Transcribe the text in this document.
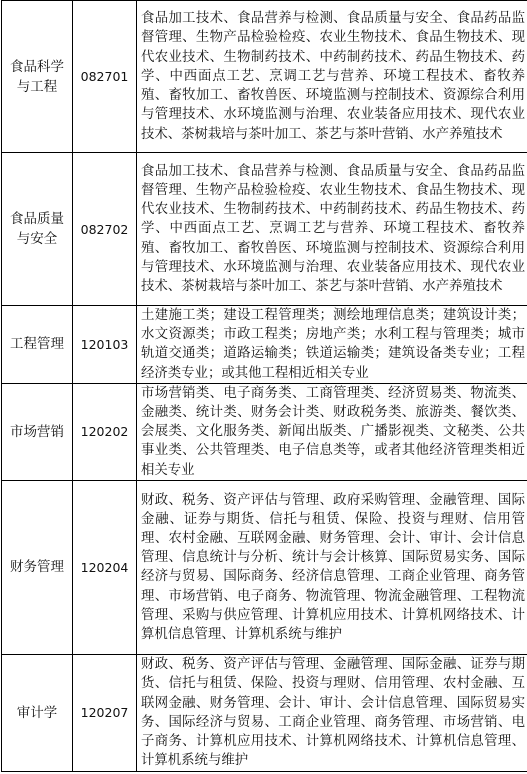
食品科学与工程	082701	食品加工技术、食品营养与检测、食品质量与安全、食品药品监督管理、生物产品检验检疫、农业生物技术、食品生物技术、现代农业技术、生物制药技术、中药制药技术、药品生物技术、药学、中西面点工艺、烹调工艺与营养、环境工程技术、畜牧养殖、畜牧加工、畜牧兽医、环境监测与控制技术、资源综合利用与管理技术、水环境监测与治理、农业装备应用技术、现代农业技术、茶树栽培与茶叶加工、茶艺与茶叶营销、水产养殖技术
食品质量与安全	082702	食品加工技术、食品营养与检测、食品质量与安全、食品药品监督管理、生物产品检验检疫、农业生物技术、食品生物技术、现代农业技术、生物制药技术、中药制药技术、药品生物技术、药学、中西面点工艺、烹调工艺与营养、环境工程技术、畜牧养殖、畜牧加工、畜牧兽医、环境监测与控制技术、资源综合利用与管理技术、水环境监测与治理、农业装备应用技术、现代农业技术、茶树栽培与茶叶加工、茶艺与茶叶营销、水产养殖技术
工程管理	120103	土建施工类；建设工程管理类；测绘地理信息类；建筑设计类；水文资源类；市政工程类；房地产类；水利工程与管理类；城市轨道交通类；道路运输类；铁道运输类；建筑设备类专业；工程经济类专业；或其他工程相近相关专业
市场营销	120202	市场营销类、电子商务类、工商管理类、经济贸易类、物流类、金融类、统计类、财务会计类、财政税务类、旅游类、餐饮类、会展类、文化服务类、新闻出版类、广播影视类、文秘类、公共事业类、公共管理类、电子信息类等，或者其他经济管理类相近相关专业
财务管理	120204	财政、税务、资产评估与管理、政府采购管理、金融管理、国际金融、证券与期货、信托与租赁、保险、投资与理财、信用管理、农村金融、互联网金融、财务管理、会计、审计、会计信息管理、信息统计与分析、统计与会计核算、国际贸易实务、国际经济与贸易、国际商务、经济信息管理、工商企业管理、商务管理、市场营销、电子商务、物流管理、物流金融管理、工程物流管理、采购与供应管理、计算机应用技术、计算机网络技术、计算机信息管理、计算机系统与维护
审计学	120207	财政、税务、资产评估与管理、金融管理、国际金融、证券与期货、信托与租赁、保险、投资与理财、信用管理、农村金融、互联网金融、财务管理、会计、审计、会计信息管理、国际贸易实务、国际经济与贸易、工商企业管理、商务管理、市场营销、电子商务、计算机应用技术、计算机网络技术、计算机信息管理、计算机系统与维护
